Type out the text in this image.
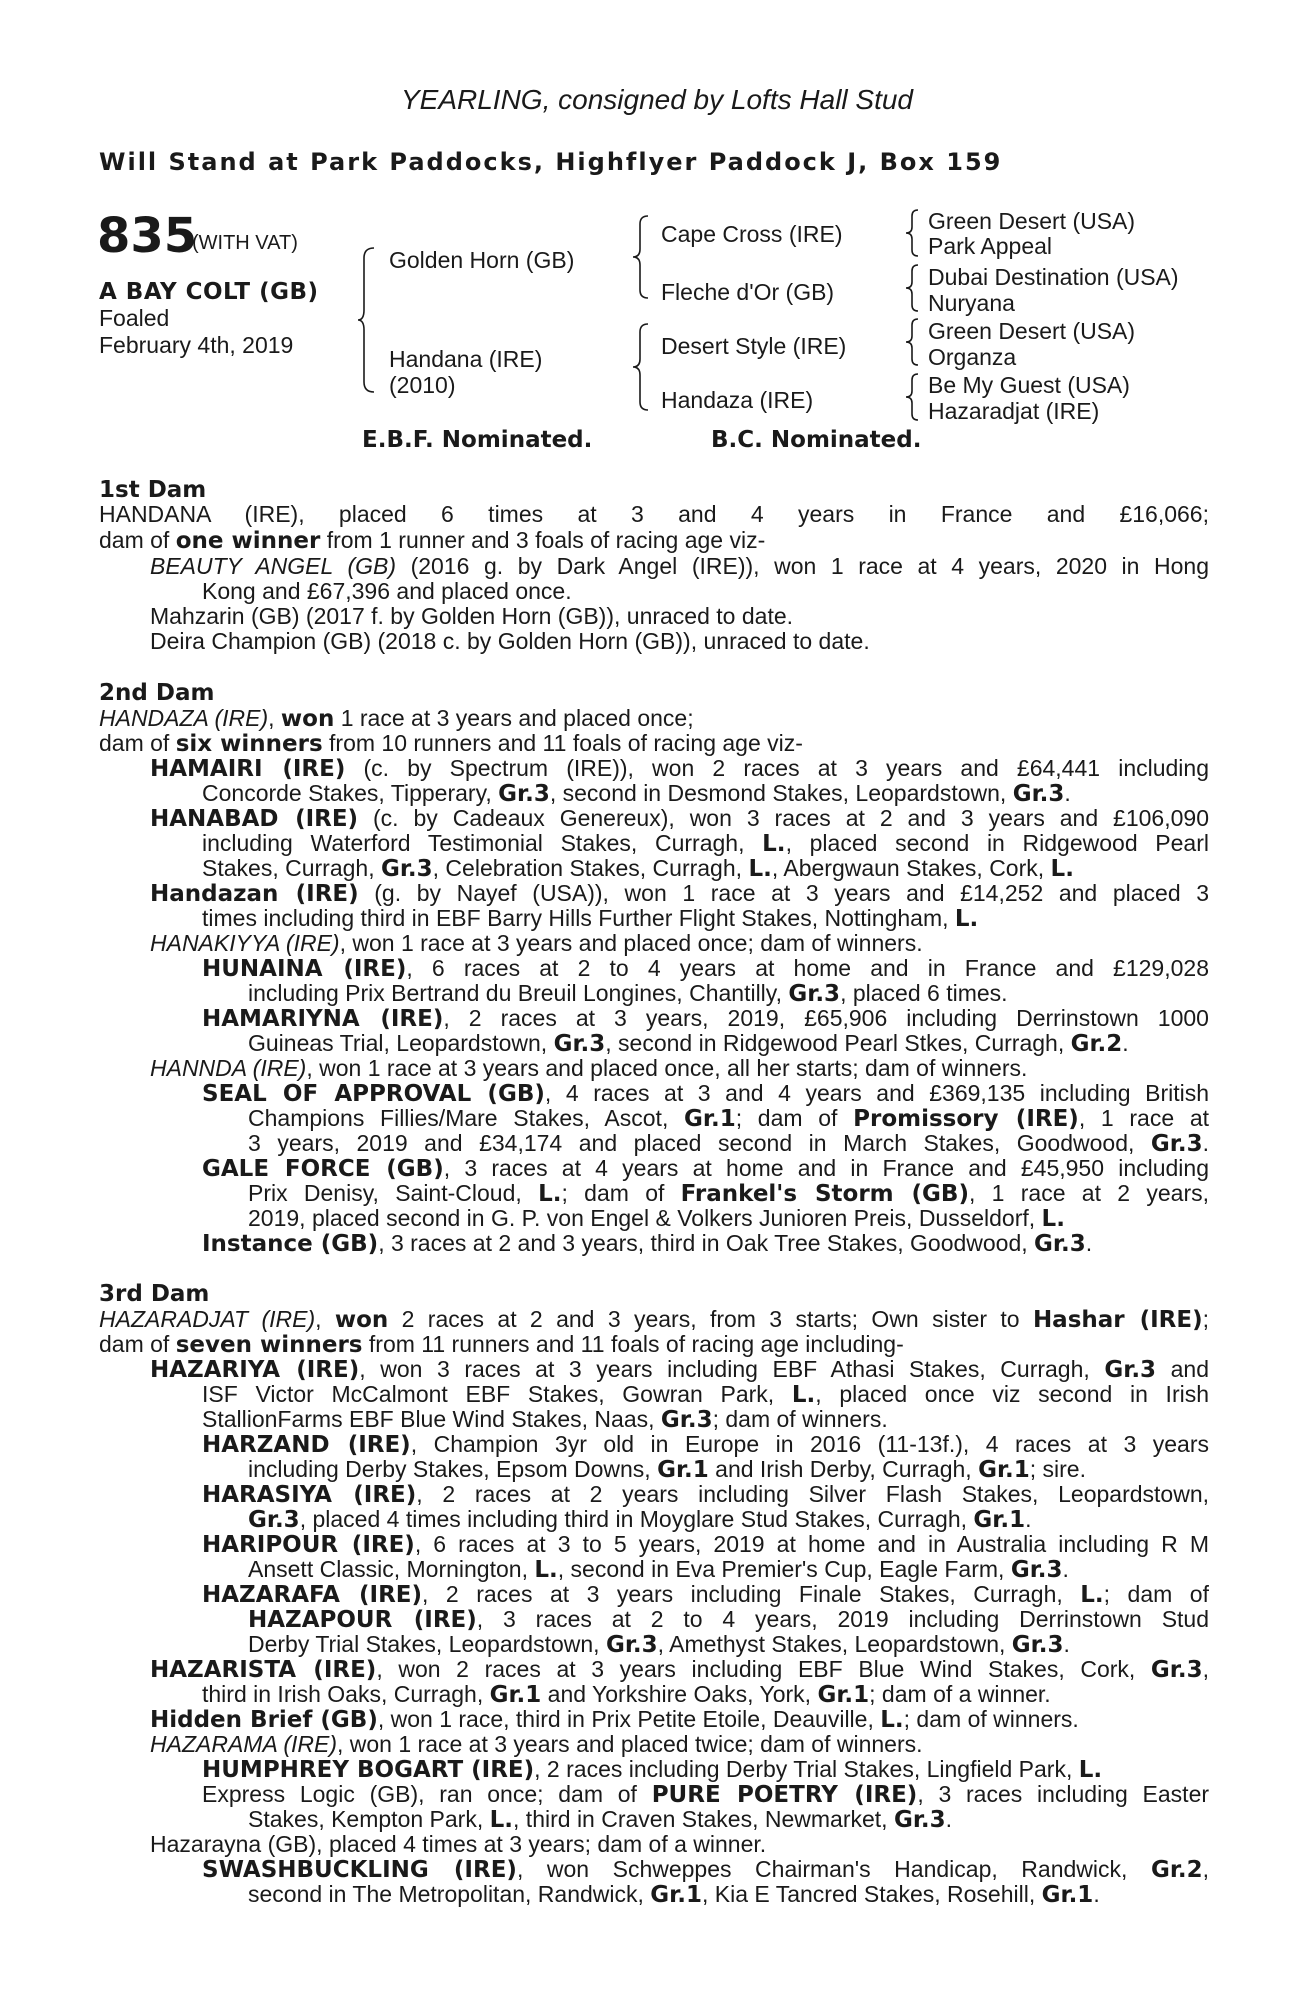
YEARLING, consigned by Lofts Hall Stud
Will Stand at Park Paddocks, Highflyer Paddock J, Box 159
835
(WITH VAT)
A BAY COLT (GB)
Foaled
February 4th, 2019
Golden Horn (GB)
Handana (IRE)
(2010)
Cape Cross (IRE)
Fleche d'Or (GB)
Desert Style (IRE)
Handaza (IRE)
Green Desert (USA)
Park Appeal
Dubai Destination (USA)
Nuryana
Green Desert (USA)
Organza
Be My Guest (USA)
Hazaradjat (IRE)
E.B.F. Nominated.	B.C. Nominated.
1st Dam
2nd Dam
3rd Dam
HANDANA (IRE), placed 6 times at 3 and 4 years in France and £16,066;
dam of one winner from 1 runner and 3 foals of racing age viz-
BEAUTY ANGEL (GB) (2016 g. by Dark Angel (IRE)), won 1 race at 4 years, 2020 in Hong
Kong and £67,396 and placed once.
Mahzarin (GB) (2017 f. by Golden Horn (GB)), unraced to date.
Deira Champion (GB) (2018 c. by Golden Horn (GB)), unraced to date.
HANDAZA (IRE), won 1 race at 3 years and placed once;
dam of six winners from 10 runners and 11 foals of racing age viz-
HAMAIRI (IRE) (c. by Spectrum (IRE)), won 2 races at 3 years and £64,441 including
Concorde Stakes, Tipperary, Gr.3, second in Desmond Stakes, Leopardstown, Gr.3.
HANABAD (IRE) (c. by Cadeaux Genereux), won 3 races at 2 and 3 years and £106,090
including Waterford Testimonial Stakes, Curragh, L., placed second in Ridgewood Pearl
Stakes, Curragh, Gr.3, Celebration Stakes, Curragh, L., Abergwaun Stakes, Cork, L.
Handazan (IRE) (g. by Nayef (USA)), won 1 race at 3 years and £14,252 and placed 3
times including third in EBF Barry Hills Further Flight Stakes, Nottingham, L.
HANAKIYYA (IRE), won 1 race at 3 years and placed once; dam of winners.
HUNAINA (IRE), 6 races at 2 to 4 years at home and in France and £129,028
including Prix Bertrand du Breuil Longines, Chantilly, Gr.3, placed 6 times.
HAMARIYNA (IRE), 2 races at 3 years, 2019, £65,906 including Derrinstown 1000
Guineas Trial, Leopardstown, Gr.3, second in Ridgewood Pearl Stkes, Curragh, Gr.2.
HANNDA (IRE), won 1 race at 3 years and placed once, all her starts; dam of winners.
SEAL OF APPROVAL (GB), 4 races at 3 and 4 years and £369,135 including British
Champions Fillies/Mare Stakes, Ascot, Gr.1; dam of Promissory (IRE), 1 race at
3 years, 2019 and £34,174 and placed second in March Stakes, Goodwood, Gr.3.
GALE FORCE (GB), 3 races at 4 years at home and in France and £45,950 including
Prix Denisy, Saint-Cloud, L.; dam of Frankel's Storm (GB), 1 race at 2 years,
2019, placed second in G. P. von Engel & Volkers Junioren Preis, Dusseldorf, L.
Instance (GB), 3 races at 2 and 3 years, third in Oak Tree Stakes, Goodwood, Gr.3.
HAZARADJAT (IRE), won 2 races at 2 and 3 years, from 3 starts; Own sister to Hashar (IRE);
dam of seven winners from 11 runners and 11 foals of racing age including-
HAZARIYA (IRE), won 3 races at 3 years including EBF Athasi Stakes, Curragh, Gr.3 and
ISF Victor McCalmont EBF Stakes, Gowran Park, L., placed once viz second in Irish
StallionFarms EBF Blue Wind Stakes, Naas, Gr.3; dam of winners.
HARZAND (IRE), Champion 3yr old in Europe in 2016 (11-13f.), 4 races at 3 years
including Derby Stakes, Epsom Downs, Gr.1 and Irish Derby, Curragh, Gr.1; sire.
HARASIYA (IRE), 2 races at 2 years including Silver Flash Stakes, Leopardstown,
Gr.3, placed 4 times including third in Moyglare Stud Stakes, Curragh, Gr.1.
HARIPOUR (IRE), 6 races at 3 to 5 years, 2019 at home and in Australia including R M
Ansett Classic, Mornington, L., second in Eva Premier's Cup, Eagle Farm, Gr.3.
HAZARAFA (IRE), 2 races at 3 years including Finale Stakes, Curragh, L.; dam of
HAZAPOUR (IRE), 3 races at 2 to 4 years, 2019 including Derrinstown Stud
Derby Trial Stakes, Leopardstown, Gr.3, Amethyst Stakes, Leopardstown, Gr.3.
HAZARISTA (IRE), won 2 races at 3 years including EBF Blue Wind Stakes, Cork, Gr.3,
third in Irish Oaks, Curragh, Gr.1 and Yorkshire Oaks, York, Gr.1; dam of a winner.
Hidden Brief (GB), won 1 race, third in Prix Petite Etoile, Deauville, L.; dam of winners.
HAZARAMA (IRE), won 1 race at 3 years and placed twice; dam of winners.
HUMPHREY BOGART (IRE), 2 races including Derby Trial Stakes, Lingfield Park, L.
Express Logic (GB), ran once; dam of PURE POETRY (IRE), 3 races including Easter
Stakes, Kempton Park, L., third in Craven Stakes, Newmarket, Gr.3.
Hazarayna (GB), placed 4 times at 3 years; dam of a winner.
SWASHBUCKLING (IRE), won Schweppes Chairman's Handicap, Randwick, Gr.2,
second in The Metropolitan, Randwick, Gr.1, Kia E Tancred Stakes, Rosehill, Gr.1.
